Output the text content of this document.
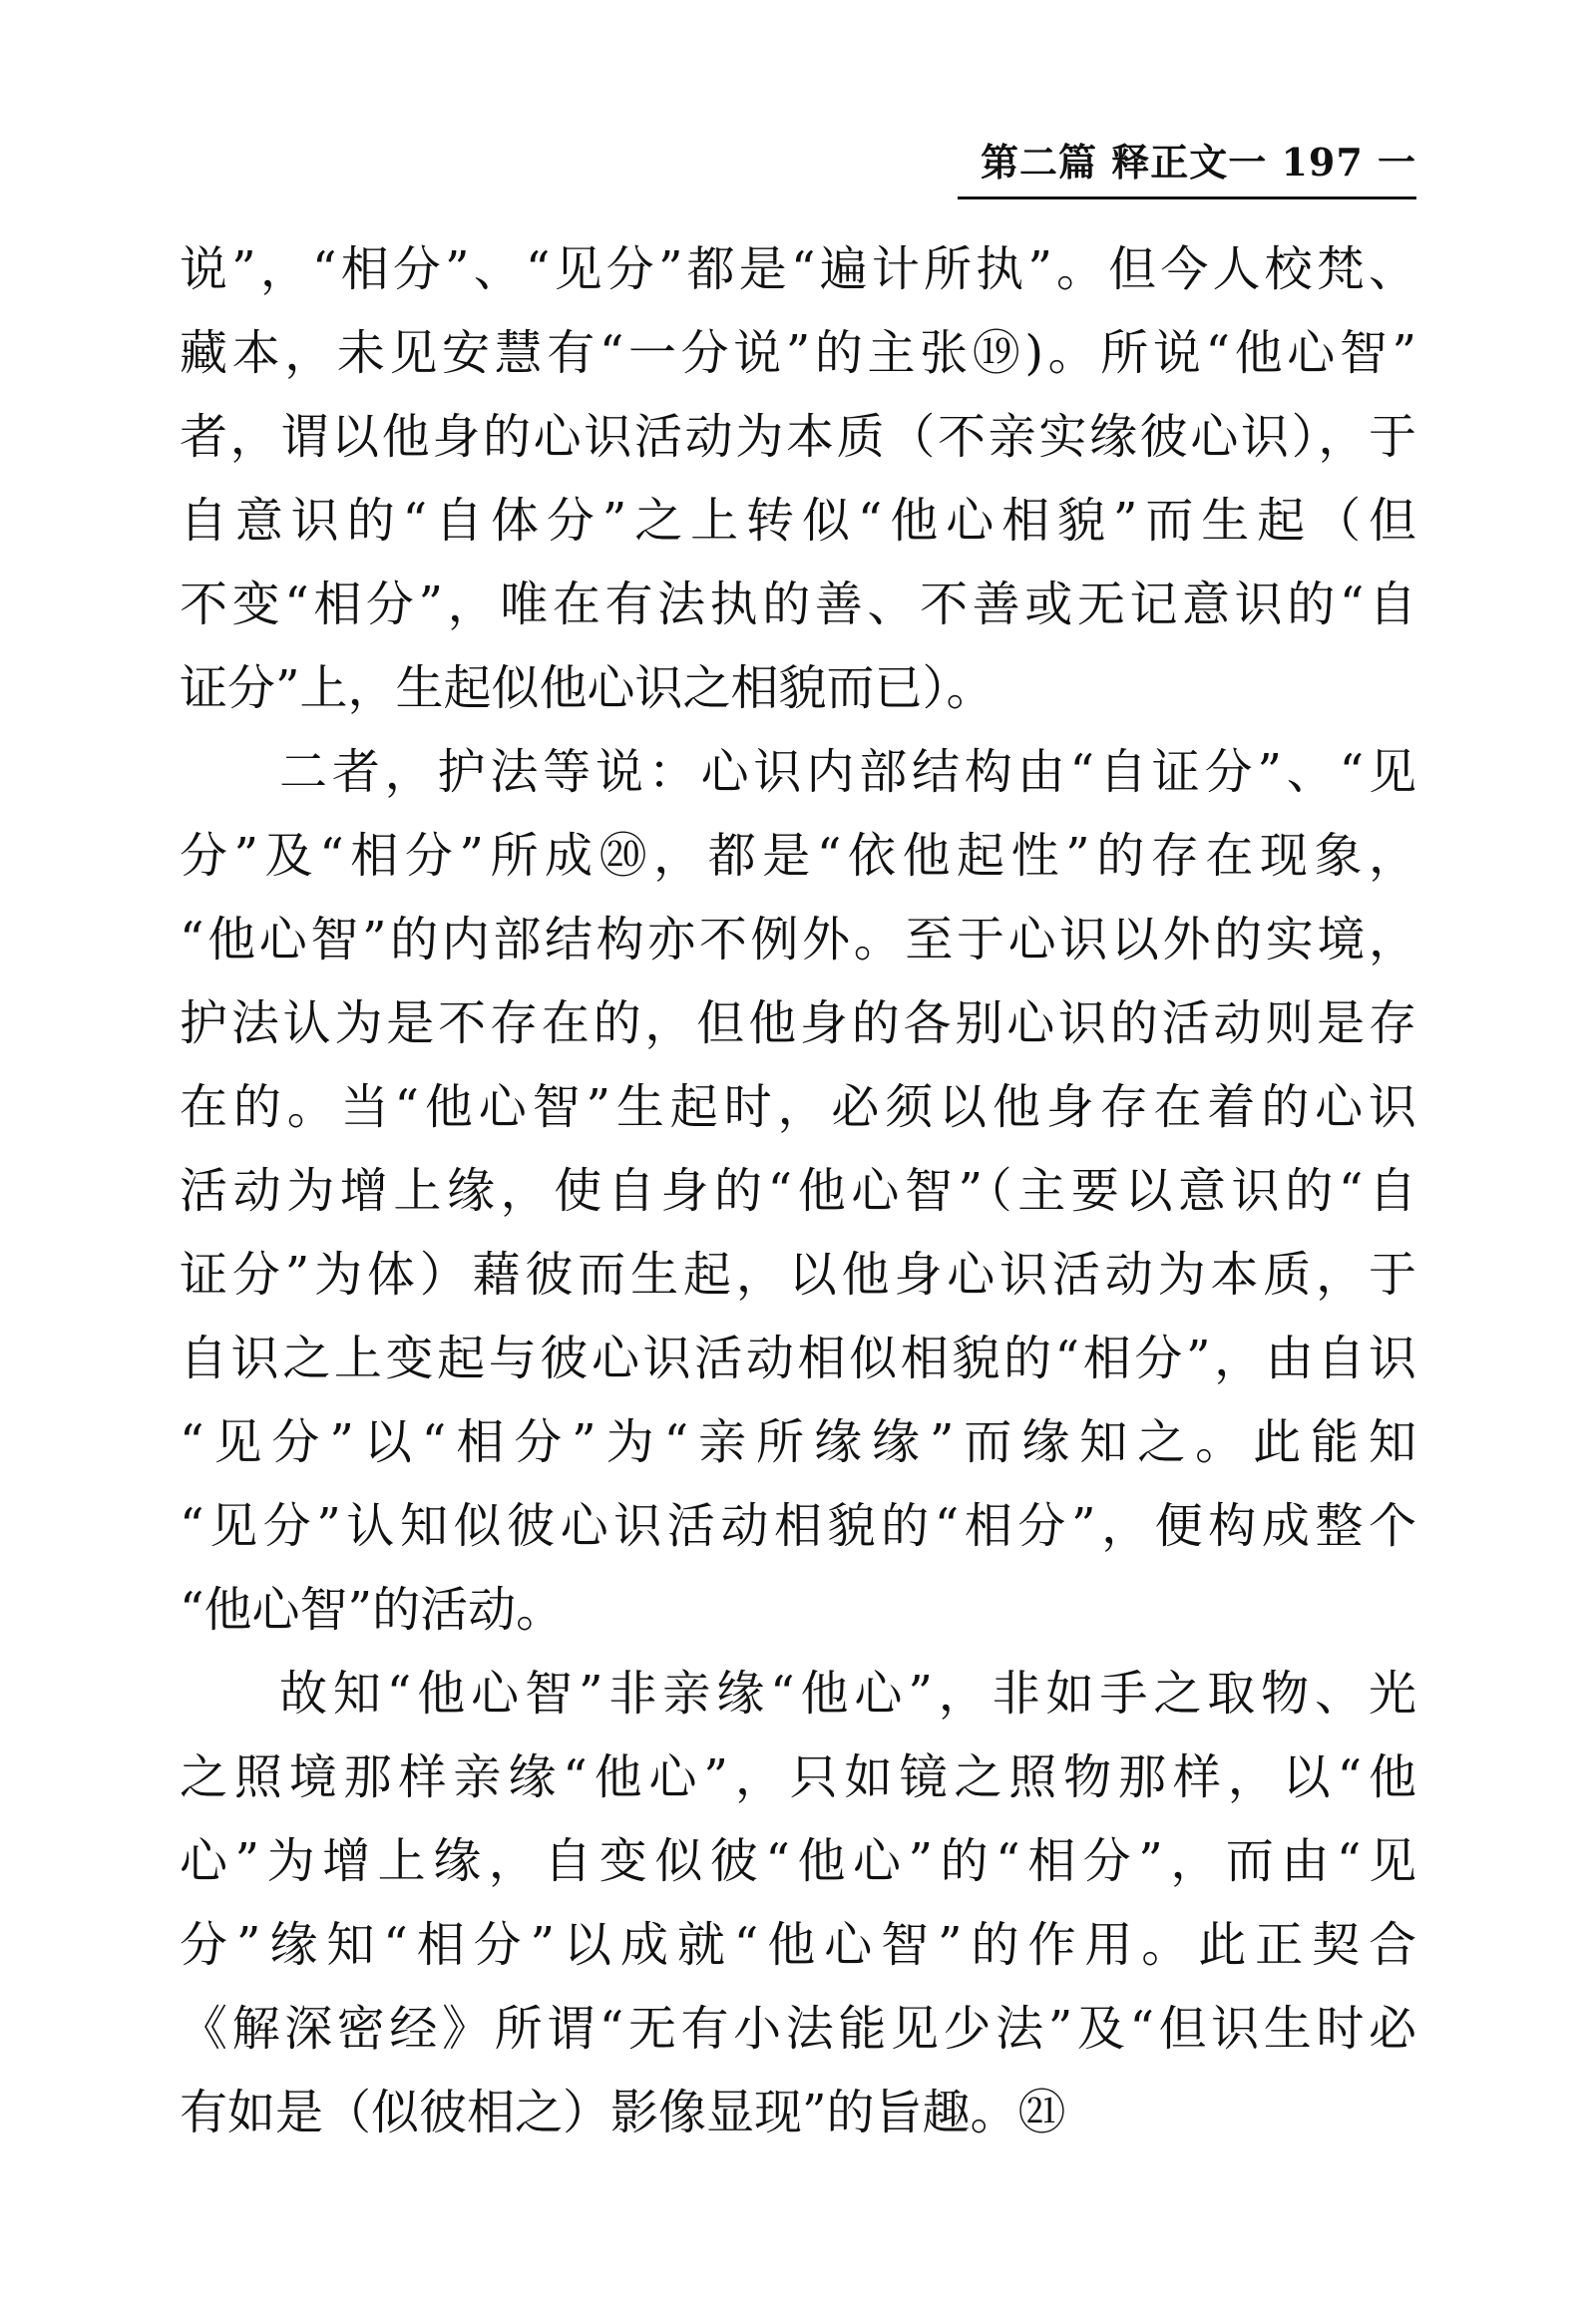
第二篇 释正文一 197 一
说”，“相分”、“见分”都是“遍计所执”。但今人校梵、
藏本，未见安慧有“一分说”的主张⑲)。所说“他心智”
者，谓以他身的心识活动为本质（不亲实缘彼心识），于
自意识的“自体分”之上转似“他心相貌”而生起（但
不变“相分”，唯在有法执的善、不善或无记意识的“自
证分”上，生起似他心识之相貌而已）。
二者，护法等说：心识内部结构由“自证分”、“见
分”及“相分”所成⑳，都是“依他起性”的存在现象，
“他心智”的内部结构亦不例外。至于心识以外的实境，
护法认为是不存在的，但他身的各别心识的活动则是存
在的。当“他心智”生起时，必须以他身存在着的心识
活动为增上缘，使自身的“他心智”（主要以意识的“自
证分”为体）藉彼而生起，以他身心识活动为本质，于
自识之上变起与彼心识活动相似相貌的“相分”，由自识
“见分”以“相分”为“亲所缘缘”而缘知之。此能知
“见分”认知似彼心识活动相貌的“相分”，便构成整个
“他心智”的活动。
故知“他心智”非亲缘“他心”，非如手之取物、光
之照境那样亲缘“他心”，只如镜之照物那样，以“他
心”为增上缘，自变似彼“他心”的“相分”，而由“见
分”缘知“相分”以成就“他心智”的作用。此正契合
《解深密经》所谓“无有小法能见少法”及“但识生时必
有如是（似彼相之）影像显现”的旨趣。㉑
